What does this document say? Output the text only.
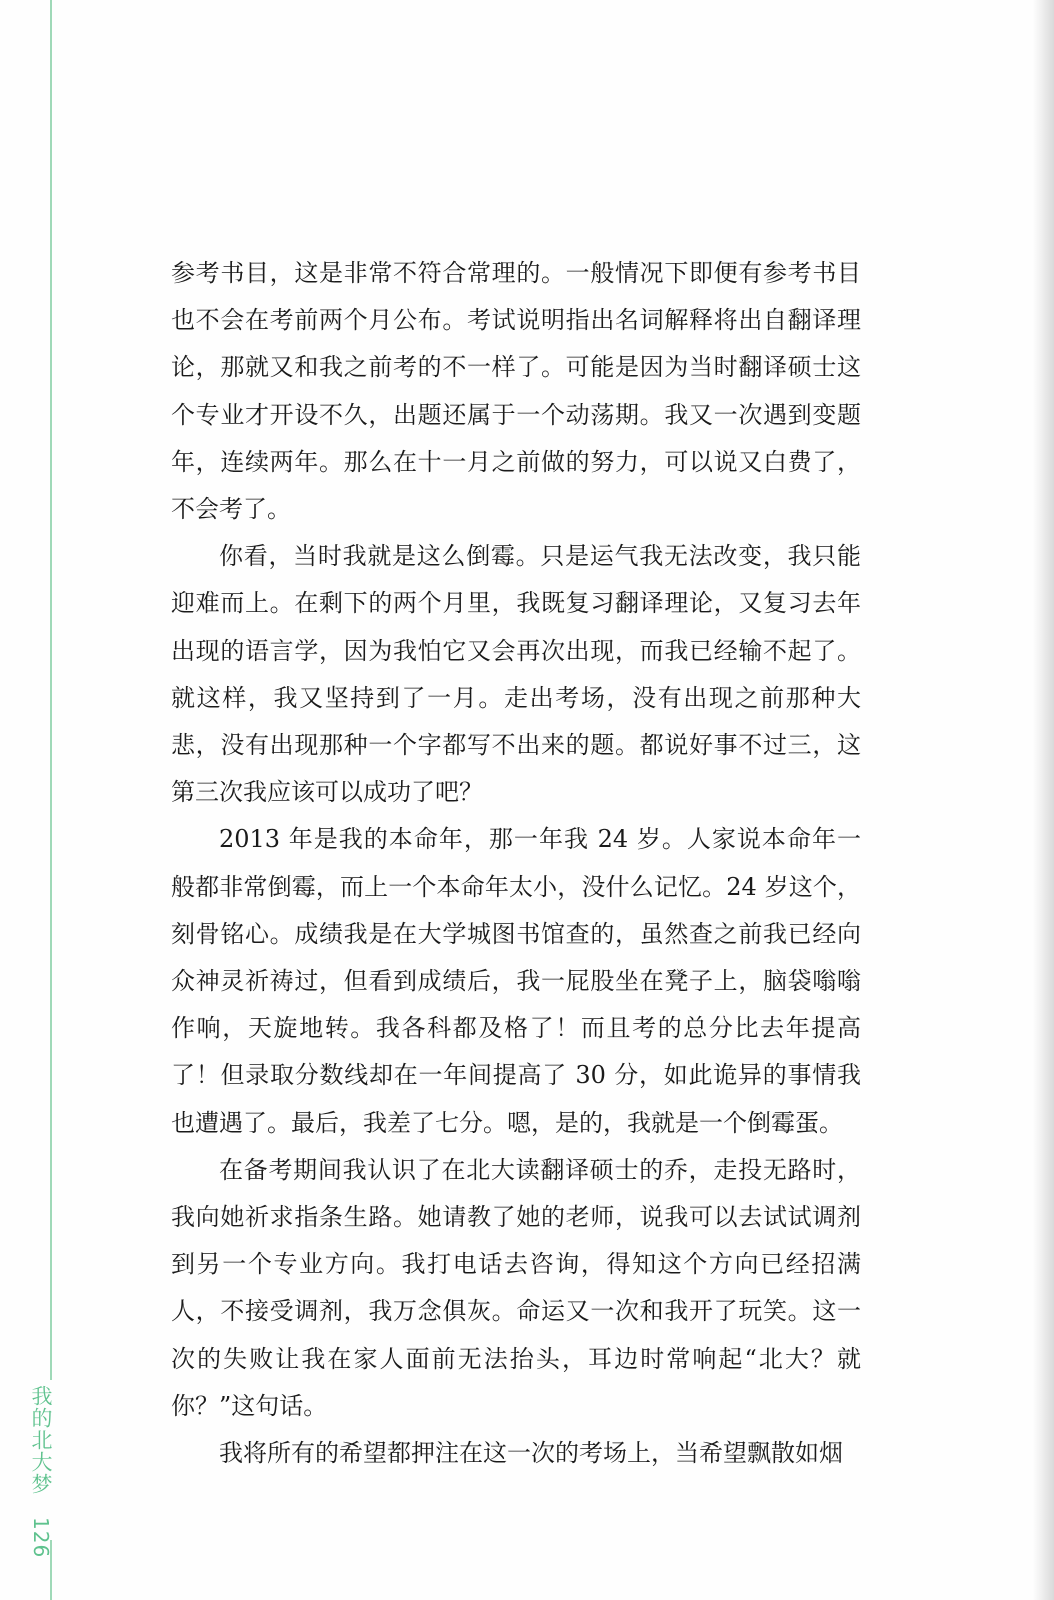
参考书目，这是非常不符合常理的。一般情况下即便有参考书目也不会在考前两个月公布。考试说明指出名词解释将出自翻译理论，那就又和我之前考的不一样了。可能是因为当时翻译硕士这个专业才开设不久，出题还属于一个动荡期。我又一次遇到变题年，连续两年。那么在十一月之前做的努力，可以说又白费了，不会考了。

你看，当时我就是这么倒霉。只是运气我无法改变，我只能迎难而上。在剩下的两个月里，我既复习翻译理论，又复习去年出现的语言学，因为我怕它又会再次出现，而我已经输不起了。就这样，我又坚持到了一月。走出考场，没有出现之前那种大悲，没有出现那种一个字都写不出来的题。都说好事不过三，这第三次我应该可以成功了吧？

2013 年是我的本命年，那一年我 24 岁。人家说本命年一般都非常倒霉，而上一个本命年太小，没什么记忆。24 岁这个，刻骨铭心。成绩我是在大学城图书馆查的，虽然查之前我已经向众神灵祈祷过，但看到成绩后，我一屁股坐在凳子上，脑袋嗡嗡作响，天旋地转。我各科都及格了！而且考的总分比去年提高了！但录取分数线却在一年间提高了 30 分，如此诡异的事情我也遭遇了。最后，我差了七分。嗯，是的，我就是一个倒霉蛋。

在备考期间我认识了在北大读翻译硕士的乔，走投无路时，我向她祈求指条生路。她请教了她的老师，说我可以去试试调剂到另一个专业方向。我打电话去咨询，得知这个方向已经招满人，不接受调剂，我万念俱灰。命运又一次和我开了玩笑。这一次的失败让我在家人面前无法抬头，耳边时常响起“北大？就你？”这句话。

我将所有的希望都押注在这一次的考场上，当希望飘散如烟

我的北大梦 126
